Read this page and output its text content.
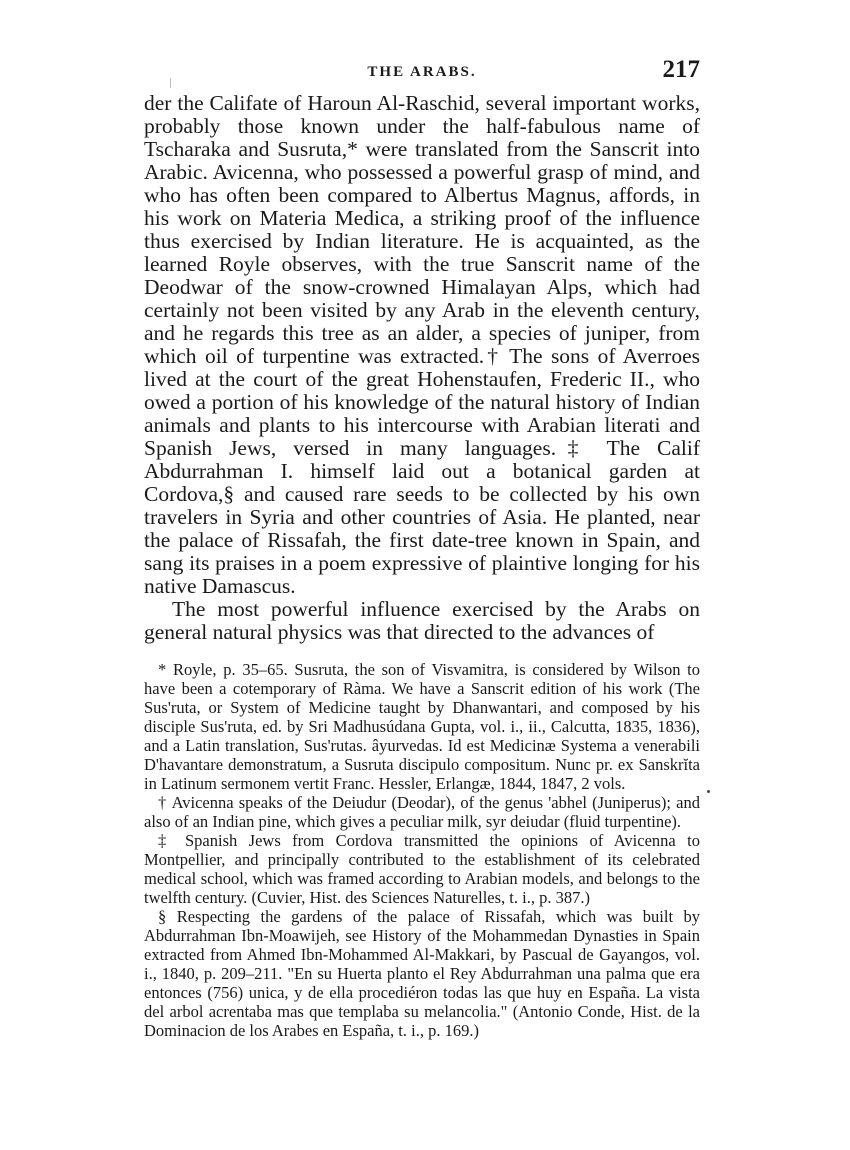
THE ARABS.	217

der the Califate of Haroun Al-Raschid, several important works, probably those known under the half-fabulous name of Tscharaka and Susruta,* were translated from the Sanscrit into Arabic. Avicenna, who possessed a powerful grasp of mind, and who has often been compared to Albertus Magnus, affords, in his work on Materia Medica, a striking proof of the influence thus exercised by Indian literature. He is acquainted, as the learned Royle observes, with the true Sanscrit name of the Deodwar of the snow-crowned Himalayan Alps, which had certainly not been visited by any Arab in the eleventh century, and he regards this tree as an alder, a species of juniper, from which oil of turpentine was extracted.† The sons of Averroes lived at the court of the great Hohenstaufen, Frederic II., who owed a portion of his knowledge of the natural history of Indian animals and plants to his intercourse with Arabian literati and Spanish Jews, versed in many languages.‡ The Calif Abdurrahman I. himself laid out a botanical garden at Cordova,§ and caused rare seeds to be collected by his own travelers in Syria and other countries of Asia. He planted, near the palace of Rissafah, the first date-tree known in Spain, and sang its praises in a poem expressive of plaintive longing for his native Damascus.

The most powerful influence exercised by the Arabs on general natural physics was that directed to the advances of

* Royle, p. 35–65. Susruta, the son of Visvamitra, is considered by Wilson to have been a cotemporary of Ràma. We have a Sanscrit edition of his work (The Sus'ruta, or System of Medicine taught by Dhanwantari, and composed by his disciple Sus'ruta, ed. by Sri Madhusúdana Gupta, vol. i., ii., Calcutta, 1835, 1836), and a Latin translation, Sus'rutas. âyurvedas. Id est Medicinæ Systema a venerabili D'havantare demonstratum, a Susruta discipulo compositum. Nunc pr. ex Sanskrĭta in Latinum sermonem vertit Franc. Hessler, Erlangæ, 1844, 1847, 2 vols.

† Avicenna speaks of the Deiudur (Deodar), of the genus 'abhel (Juniperus); and also of an Indian pine, which gives a peculiar milk, syr deiudar (fluid turpentine).

‡ Spanish Jews from Cordova transmitted the opinions of Avicenna to Montpellier, and principally contributed to the establishment of its celebrated medical school, which was framed according to Arabian models, and belongs to the twelfth century. (Cuvier, Hist. des Sciences Naturelles, t. i., p. 387.)

§ Respecting the gardens of the palace of Rissafah, which was built by Abdurrahman Ibn-Moawijeh, see History of the Mohammedan Dynasties in Spain extracted from Ahmed Ibn-Mohammed Al-Makkari, by Pascual de Gayangos, vol. i., 1840, p. 209–211. "En su Huerta planto el Rey Abdurrahman una palma que era entonces (756) unica, y de ella procediéron todas las que huy en España. La vista del arbol acrentaba mas que templaba su melancolia." (Antonio Conde, Hist. de la Dominacion de los Arabes en España, t. i., p. 169.)
